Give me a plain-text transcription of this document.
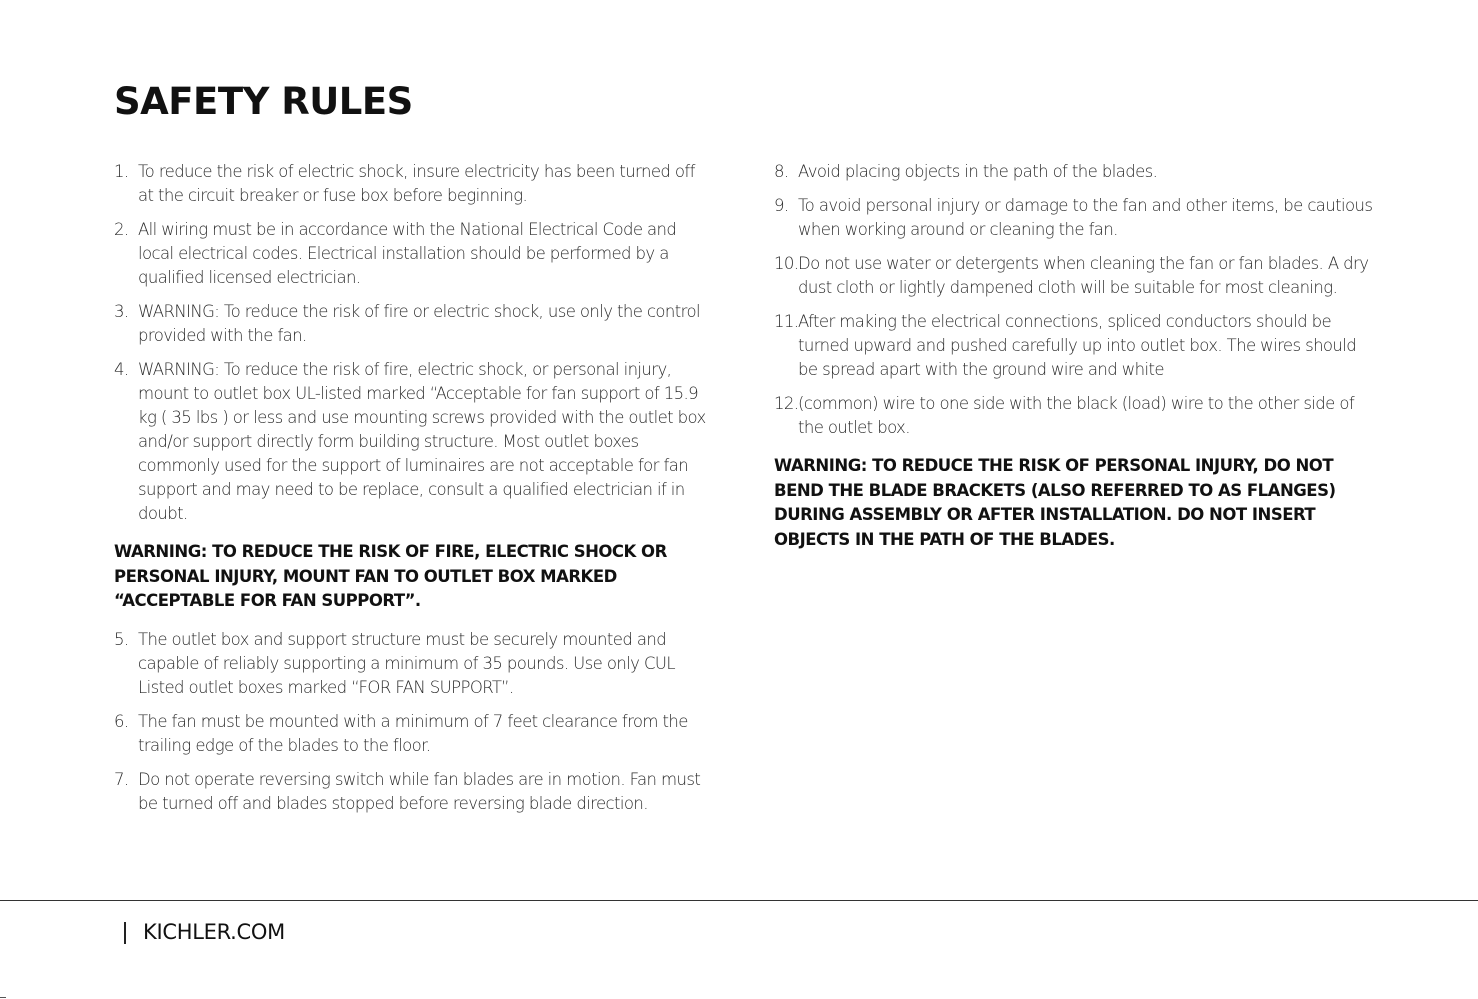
SAFETY RULES
1. To reduce the risk of electric shock, insure electricity has been turned off at the circuit breaker or fuse box before beginning.
2. All wiring must be in accordance with the National Electrical Code and local electrical codes. Electrical installation should be performed by a qualified licensed electrician.
3. WARNING: To reduce the risk of fire or electric shock, use only the control provided with the fan.
4. WARNING: To reduce the risk of fire, electric shock, or personal injury, mount to outlet box UL-listed marked “Acceptable for fan support of 15.9 kg ( 35 lbs ) or less and use mounting screws provided with the outlet box and/or support directly form building structure. Most outlet boxes commonly used for the support of luminaires are not acceptable for fan support and may need to be replace, consult a qualified electrician if in doubt.
WARNING: TO REDUCE THE RISK OF FIRE, ELECTRIC SHOCK OR PERSONAL INJURY, MOUNT FAN TO OUTLET BOX MARKED “ACCEPTABLE FOR FAN SUPPORT”.
5. The outlet box and support structure must be securely mounted and capable of reliably supporting a minimum of 35 pounds. Use only CUL Listed outlet boxes marked “FOR FAN SUPPORT”.
6. The fan must be mounted with a minimum of 7 feet clearance from the trailing edge of the blades to the floor.
7. Do not operate reversing switch while fan blades are in motion. Fan must be turned off and blades stopped before reversing blade direction.
8. Avoid placing objects in the path of the blades.
9. To avoid personal injury or damage to the fan and other items, be cautious when working around or cleaning the fan.
10. Do not use water or detergents when cleaning the fan or fan blades. A dry dust cloth or lightly dampened cloth will be suitable for most cleaning.
11. After making the electrical connections, spliced conductors should be turned upward and pushed carefully up into outlet box. The wires should be spread apart with the ground wire and white
12. (common) wire to one side with the black (load) wire to the other side of the outlet box.
WARNING: TO REDUCE THE RISK OF PERSONAL INJURY, DO NOT BEND THE BLADE BRACKETS (ALSO REFERRED TO AS FLANGES) DURING ASSEMBLY OR AFTER INSTALLATION. DO NOT INSERT OBJECTS IN THE PATH OF THE BLADES.
KICHLER.COM
